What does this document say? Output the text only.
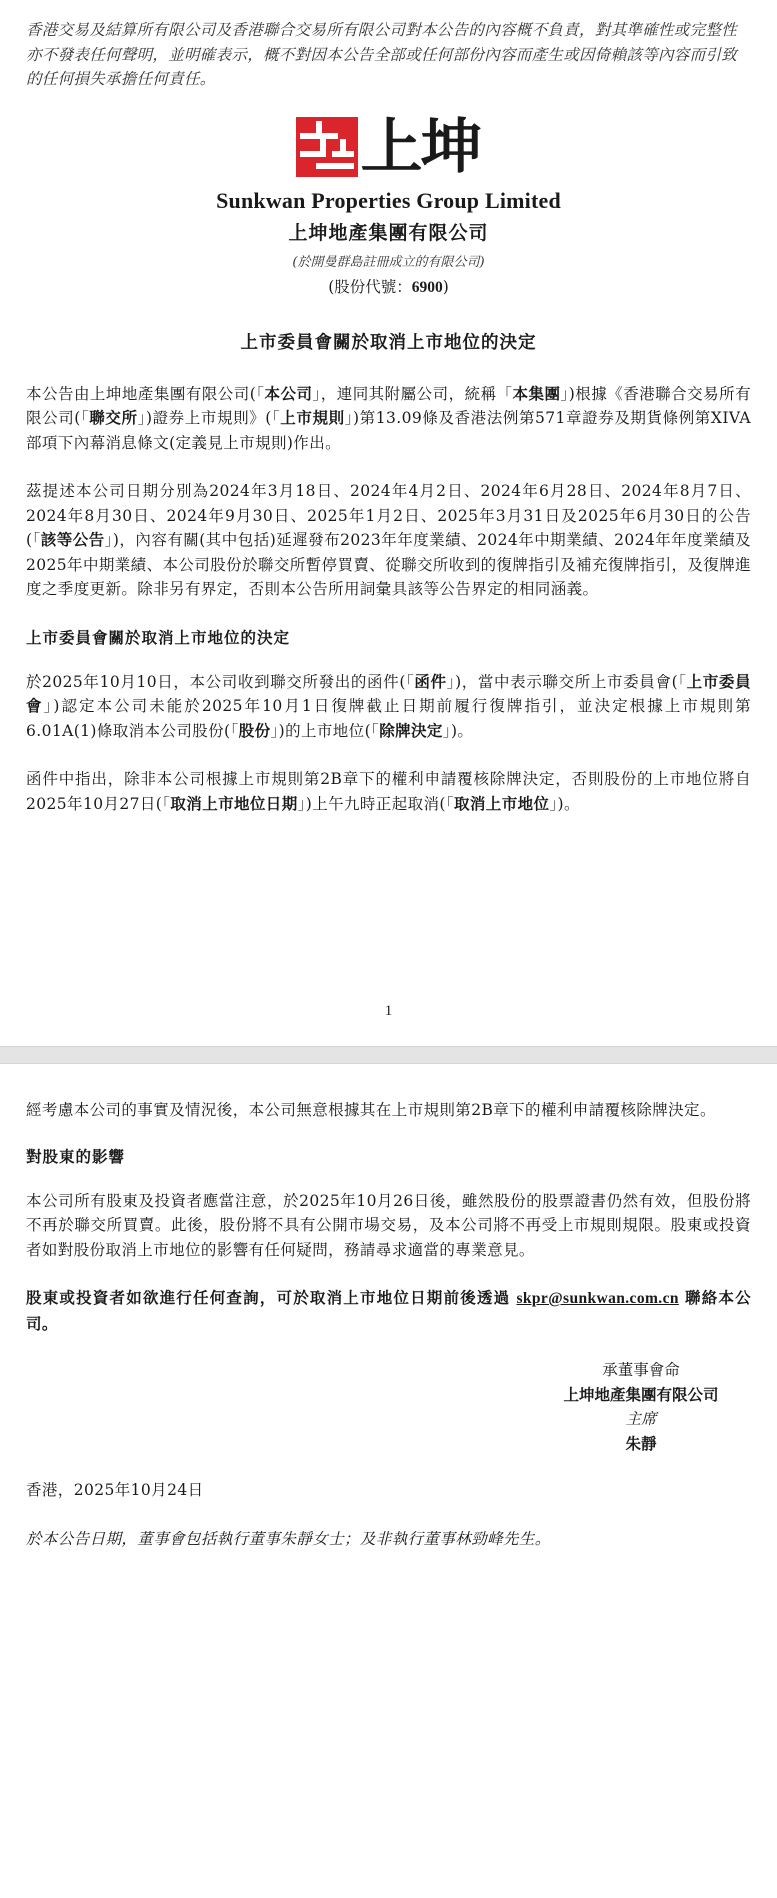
香港交易及結算所有限公司及香港聯合交易所有限公司對本公告的內容概不負責，對其準確性或完整性亦不發表任何聲明，並明確表示，概不對因本公告全部或任何部份內容而產生或因倚賴該等內容而引致的任何損失承擔任何責任。

上坤
Sunkwan Properties Group Limited
上坤地產集團有限公司
(於開曼群島註冊成立的有限公司)
(股份代號：6900)
上市委員會關於取消上市地位的決定

本公告由上坤地產集團有限公司(「本公司」，連同其附屬公司，統稱「本集團」)根據《香港聯合交易所有限公司(「聯交所」)證券上市規則》(「上市規則」)第13.09條及香港法例第571章證券及期貨條例第XIVA部項下內幕消息條文(定義見上市規則)作出。

茲提述本公司日期分別為2024年3月18日、2024年4月2日、2024年6月28日、2024年8月7日、2024年8月30日、2024年9月30日、2025年1月2日、2025年3月31日及2025年6月30日的公告(「該等公告」)，內容有關(其中包括)延遲發布2023年年度業績、2024年中期業績、2024年年度業績及2025年中期業績、本公司股份於聯交所暫停買賣、從聯交所收到的復牌指引及補充復牌指引，及復牌進度之季度更新。除非另有界定，否則本公告所用詞彙具該等公告界定的相同涵義。

上市委員會關於取消上市地位的決定

於2025年10月10日，本公司收到聯交所發出的函件(「函件」)，當中表示聯交所上市委員會(「上市委員會」)認定本公司未能於2025年10月1日復牌截止日期前履行復牌指引，並決定根據上市規則第6.01A(1)條取消本公司股份(「股份」)的上市地位(「除牌決定」)。

函件中指出，除非本公司根據上市規則第2B章下的權利申請覆核除牌決定，否則股份的上市地位將自2025年10月27日(「取消上市地位日期」)上午九時正起取消(「取消上市地位」)。

1

經考慮本公司的事實及情況後，本公司無意根據其在上市規則第2B章下的權利申請覆核除牌決定。

對股東的影響

本公司所有股東及投資者應當注意，於2025年10月26日後，雖然股份的股票證書仍然有效，但股份將不再於聯交所買賣。此後，股份將不具有公開市場交易，及本公司將不再受上市規則規限。股東或投資者如對股份取消上市地位的影響有任何疑問，務請尋求適當的專業意見。

股東或投資者如欲進行任何查詢，可於取消上市地位日期前後透過 skpr@sunkwan.com.cn 聯絡本公司。

承董事會命
上坤地產集團有限公司
主席
朱靜

香港，2025年10月24日

於本公告日期，董事會包括執行董事朱靜女士；及非執行董事林勁峰先生。
